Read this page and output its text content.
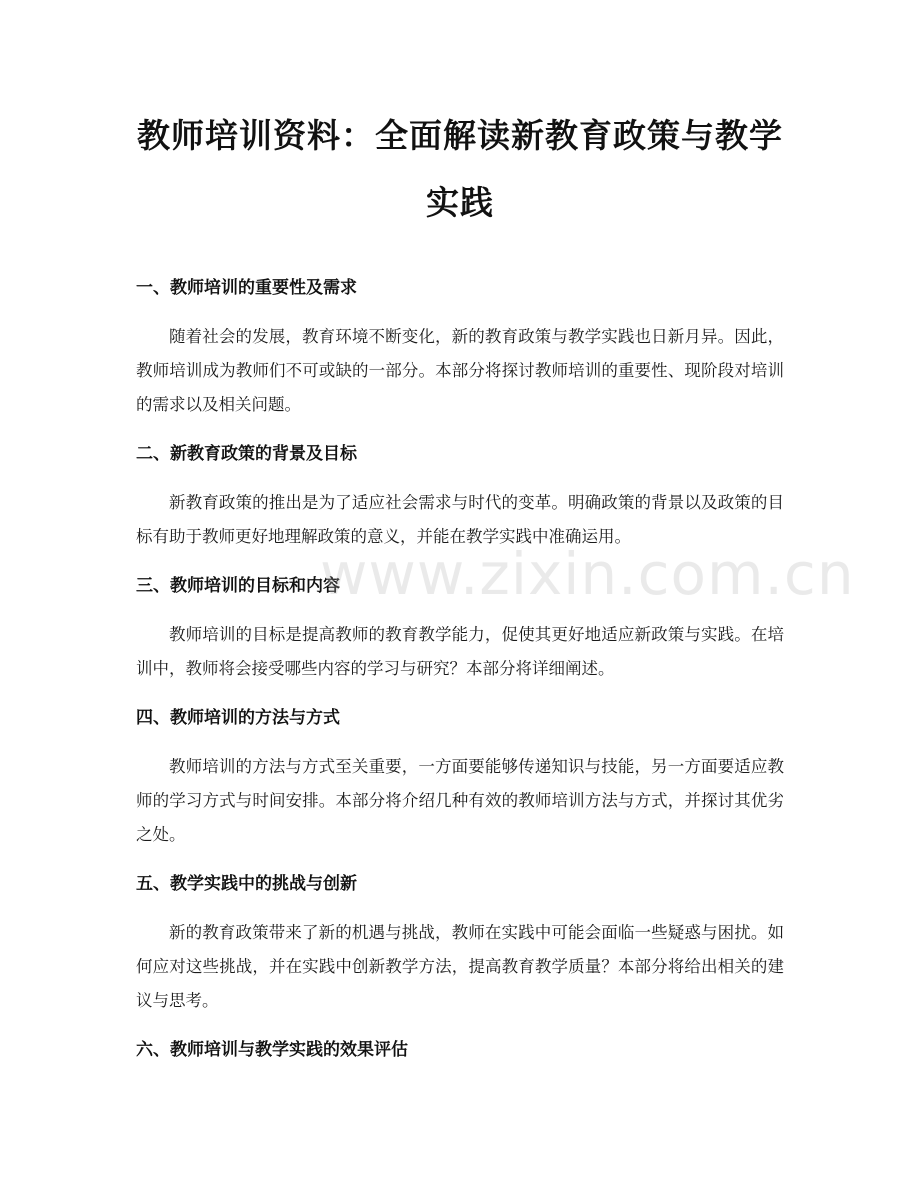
教师培训资料：全面解读新教育政策与教学实践
一、教师培训的重要性及需求

随着社会的发展，教育环境不断变化，新的教育政策与教学实践也日新月异。因此，教师培训成为教师们不可或缺的一部分。本部分将探讨教师培训的重要性、现阶段对培训的需求以及相关问题。

二、新教育政策的背景及目标

新教育政策的推出是为了适应社会需求与时代的变革。明确政策的背景以及政策的目标有助于教师更好地理解政策的意义，并能在教学实践中准确运用。

三、教师培训的目标和内容

教师培训的目标是提高教师的教育教学能力，促使其更好地适应新政策与实践。在培训中，教师将会接受哪些内容的学习与研究？本部分将详细阐述。

四、教师培训的方法与方式

教师培训的方法与方式至关重要，一方面要能够传递知识与技能，另一方面要适应教师的学习方式与时间安排。本部分将介绍几种有效的教师培训方法与方式，并探讨其优劣之处。

五、教学实践中的挑战与创新

新的教育政策带来了新的机遇与挑战，教师在实践中可能会面临一些疑惑与困扰。如何应对这些挑战，并在实践中创新教学方法，提高教育教学质量？本部分将给出相关的建议与思考。

六、教师培训与教学实践的效果评估
www.zixin.com.cn
